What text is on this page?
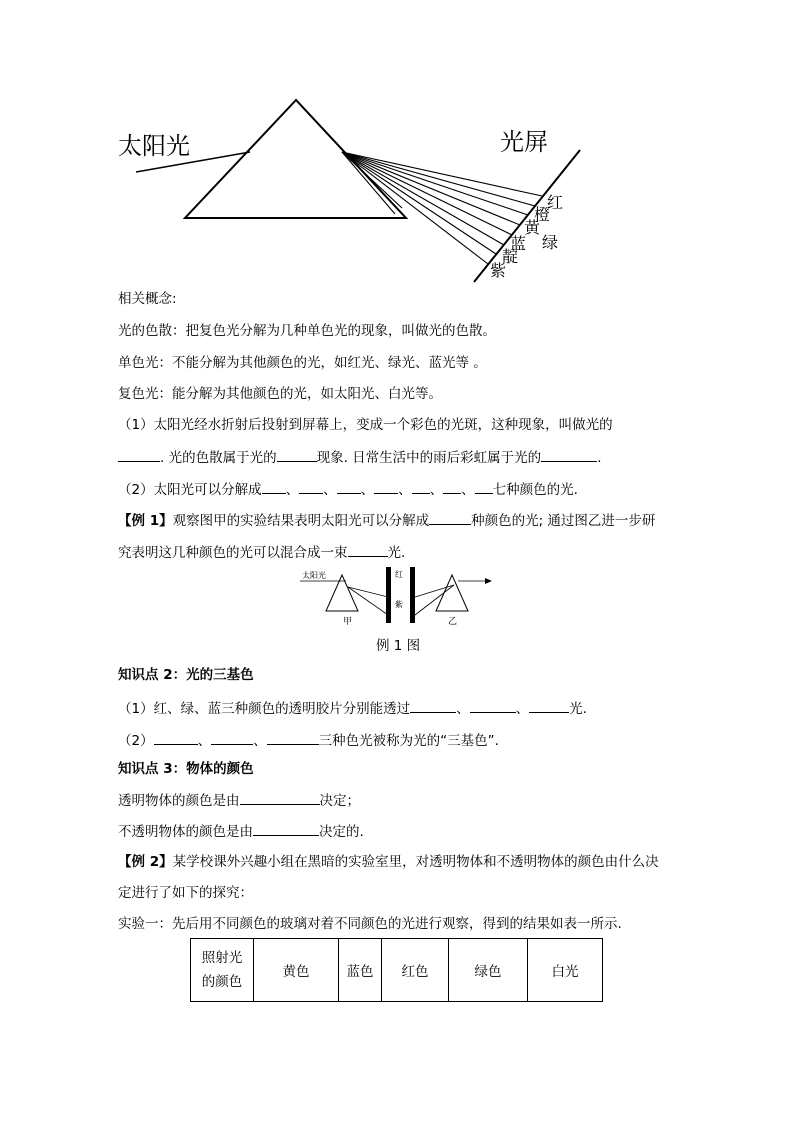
太阳光	光屏
红
橙
黄
绿
蓝
靛
紫
相关概念:
光的色散：把复色光分解为几种单色光的现象，叫做光的色散。
单色光：不能分解为其他颜色的光，如红光、绿光、蓝光等 。
复色光：能分解为其他颜色的光，如太阳光、白光等。
（1）太阳光经水折射后投射到屏幕上，变成一个彩色的光斑，这种现象，叫做光的
. 光的色散属于光的	现象. 日常生活中的雨后彩虹属于光的	.
（2）太阳光可以分解成 、 、 、 、 、 、 七种颜色的光.
【例 1】观察图甲的实验结果表明太阳光可以分解成	种颜色的光; 通过图乙进一步研
究表明这几种颜色的光可以混合成一束	光.
太阳光	红
紫
甲	乙
例 1 图
知识点 2：光的三基色
（1）红、绿、蓝三种颜色的透明胶片分别能透过	、	、	光.
（2）	、	、	三种色光被称为光的“三基色”.
知识点 3：物体的颜色
透明物体的颜色是由	决定；
不透明物体的颜色是由	决定的.
【例 2】某学校课外兴趣小组在黑暗的实验室里，对透明物体和不透明物体的颜色由什么决
定进行了如下的探究：
实验一：先后用不同颜色的玻璃对着不同颜色的光进行观察，得到的结果如表一所示.
照射光
的颜色
	黄色	蓝色	红色	绿色	白光
